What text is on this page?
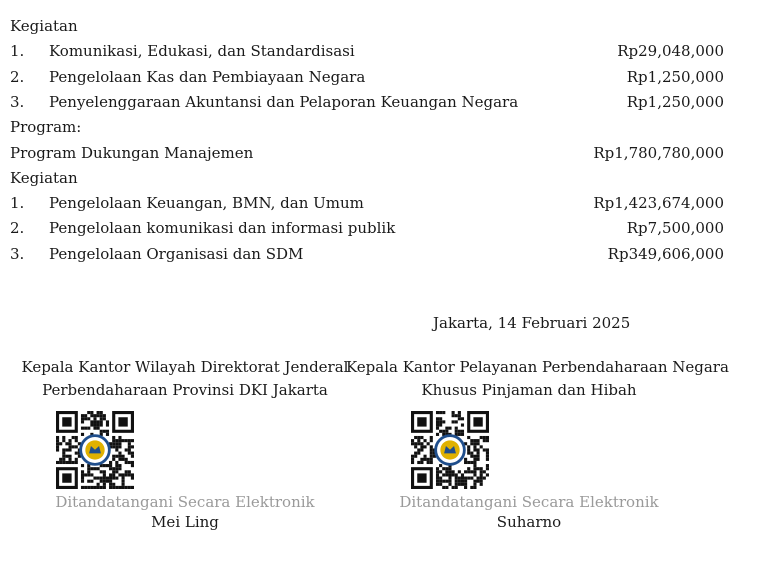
Kegiatan
1. Komunikasi, Edukasi, dan Standardisasi	Rp29,048,000
2. Pengelolaan Kas dan Pembiayaan Negara	Rp1,250,000
3. Penyelenggaraan Akuntansi dan Pelaporan Keuangan Negara	Rp1,250,000
Program:
Program Dukungan Manajemen	Rp1,780,780,000
Kegiatan
1. Pengelolaan Keuangan, BMN, dan Umum	Rp1,423,674,000
2. Pengelolaan komunikasi dan informasi publik	Rp7,500,000
3. Pengelolaan Organisasi dan SDM	Rp349,606,000
Jakarta, 14 Februari 2025
Kepala Kantor Wilayah Direktorat Jenderal
Perbendaharaan Provinsi DKI Jakarta
Ditandatangani Secara Elektronik
Mei Ling
Kepala Kantor Pelayanan Perbendaharaan Negara
Khusus Pinjaman dan Hibah
Ditandatangani Secara Elektronik
Suharno
